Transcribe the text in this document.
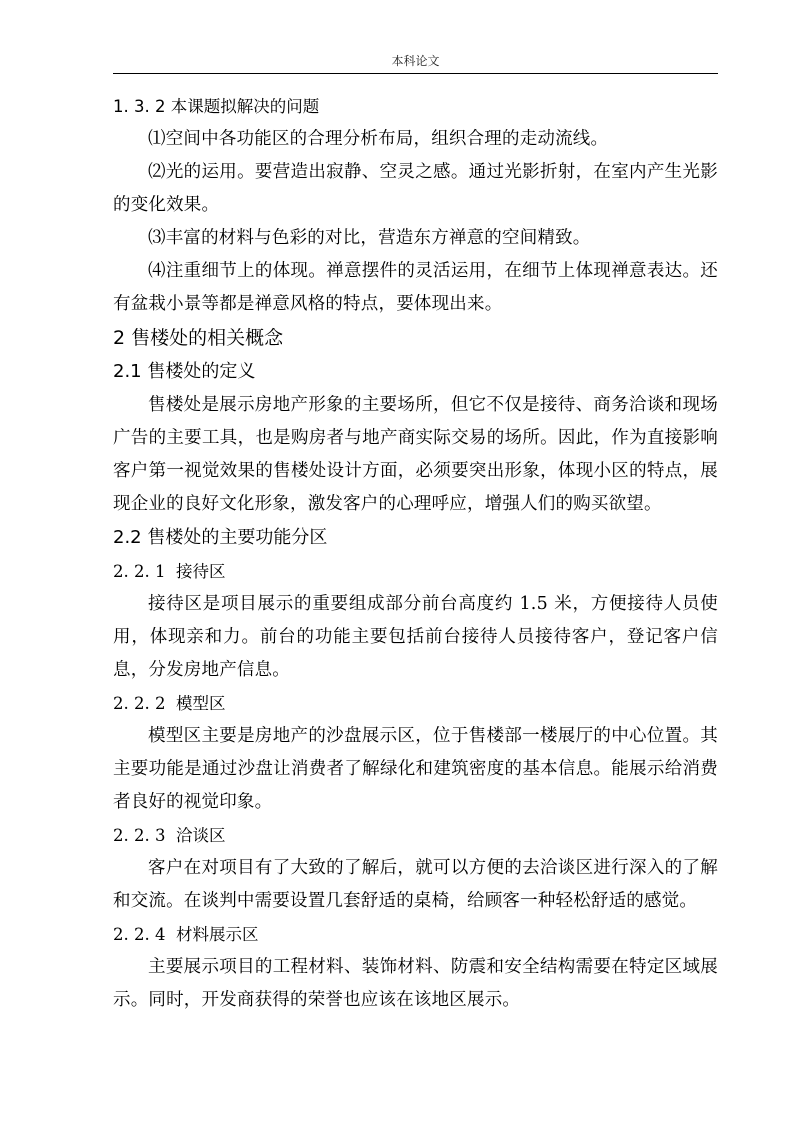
本科论文

1. 3. 2 本课题拟解决的问题

⑴空间中各功能区的合理分析布局，组织合理的走动流线。

⑵光的运用。要营造出寂静、空灵之感。通过光影折射，在室内产生光影的变化效果。

⑶丰富的材料与色彩的对比，营造东方禅意的空间精致。

⑷注重细节上的体现。禅意摆件的灵活运用，在细节上体现禅意表达。还有盆栽小景等都是禅意风格的特点，要体现出来。

2 售楼处的相关概念

2.1 售楼处的定义

售楼处是展示房地产形象的主要场所，但它不仅是接待、商务洽谈和现场广告的主要工具，也是购房者与地产商实际交易的场所。因此，作为直接影响客户第一视觉效果的售楼处设计方面，必须要突出形象，体现小区的特点，展现企业的良好文化形象，激发客户的心理呼应，增强人们的购买欲望。

2.2 售楼处的主要功能分区

2. 2. 1 接待区

接待区是项目展示的重要组成部分前台高度约 1.5 米，方便接待人员使用，体现亲和力。前台的功能主要包括前台接待人员接待客户，登记客户信息，分发房地产信息。

2. 2. 2 模型区

模型区主要是房地产的沙盘展示区，位于售楼部一楼展厅的中心位置。其主要功能是通过沙盘让消费者了解绿化和建筑密度的基本信息。能展示给消费者良好的视觉印象。

2. 2. 3 洽谈区

客户在对项目有了大致的了解后，就可以方便的去洽谈区进行深入的了解和交流。在谈判中需要设置几套舒适的桌椅，给顾客一种轻松舒适的感觉。

2. 2. 4 材料展示区

主要展示项目的工程材料、装饰材料、防震和安全结构需要在特定区域展示。同时，开发商获得的荣誉也应该在该地区展示。
